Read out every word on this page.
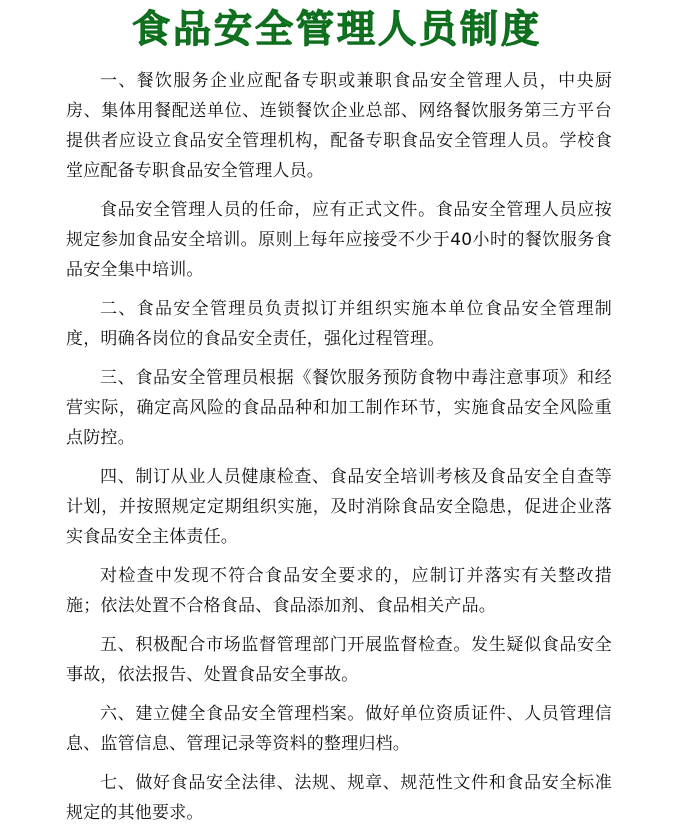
食品安全管理人员制度

一、餐饮服务企业应配备专职或兼职食品安全管理人员，中央厨房、集体用餐配送单位、连锁餐饮企业总部、网络餐饮服务第三方平台提供者应设立食品安全管理机构，配备专职食品安全管理人员。学校食堂应配备专职食品安全管理人员。

食品安全管理人员的任命，应有正式文件。食品安全管理人员应按规定参加食品安全培训。原则上每年应接受不少于40小时的餐饮服务食品安全集中培训。

二、食品安全管理员负责拟订并组织实施本单位食品安全管理制度，明确各岗位的食品安全责任，强化过程管理。

三、食品安全管理员根据《餐饮服务预防食物中毒注意事项》和经营实际，确定高风险的食品品种和加工制作环节，实施食品安全风险重点防控。

四、制订从业人员健康检查、食品安全培训考核及食品安全自查等计划，并按照规定定期组织实施，及时消除食品安全隐患，促进企业落实食品安全主体责任。

对检查中发现不符合食品安全要求的，应制订并落实有关整改措施；依法处置不合格食品、食品添加剂、食品相关产品。

五、积极配合市场监督管理部门开展监督检查。发生疑似食品安全事故，依法报告、处置食品安全事故。

六、建立健全食品安全管理档案。做好单位资质证件、人员管理信息、监管信息、管理记录等资料的整理归档。

七、做好食品安全法律、法规、规章、规范性文件和食品安全标准规定的其他要求。
